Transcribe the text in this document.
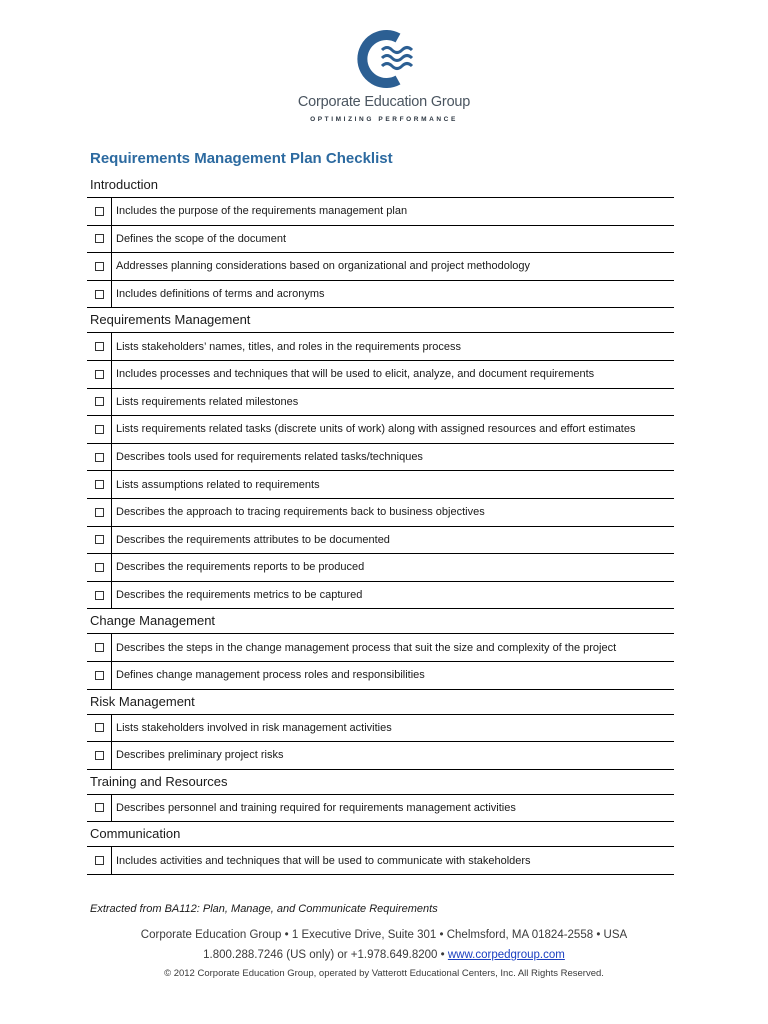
Corporate Education Group
OPTIMIZING PERFORMANCE
Requirements Management Plan Checklist
Introduction
Includes the purpose of the requirements management plan
Defines the scope of the document
Addresses planning considerations based on organizational and project methodology
Includes definitions of terms and acronyms
Requirements Management
Lists stakeholders’ names, titles, and roles in the requirements process
Includes processes and techniques that will be used to elicit, analyze, and document requirements
Lists requirements related milestones
Lists requirements related tasks (discrete units of work) along with assigned resources and effort estimates
Describes tools used for requirements related tasks/techniques
Lists assumptions related to requirements
Describes the approach to tracing requirements back to business objectives
Describes the requirements attributes to be documented
Describes the requirements reports to be produced
Describes the requirements metrics to be captured
Change Management
Describes the steps in the change management process that suit the size and complexity of the project
Defines change management process roles and responsibilities
Risk Management
Lists stakeholders involved in risk management activities
Describes preliminary project risks
Training and Resources
Describes personnel and training required for requirements management activities
Communication
Includes activities and techniques that will be used to communicate with stakeholders
Extracted from BA112: Plan, Manage, and Communicate Requirements
Corporate Education Group • 1 Executive Drive, Suite 301 • Chelmsford, MA 01824-2558 • USA
1.800.288.7246 (US only) or +1.978.649.8200 • www.corpedgroup.com
© 2012 Corporate Education Group, operated by Vatterott Educational Centers, Inc. All Rights Reserved.
